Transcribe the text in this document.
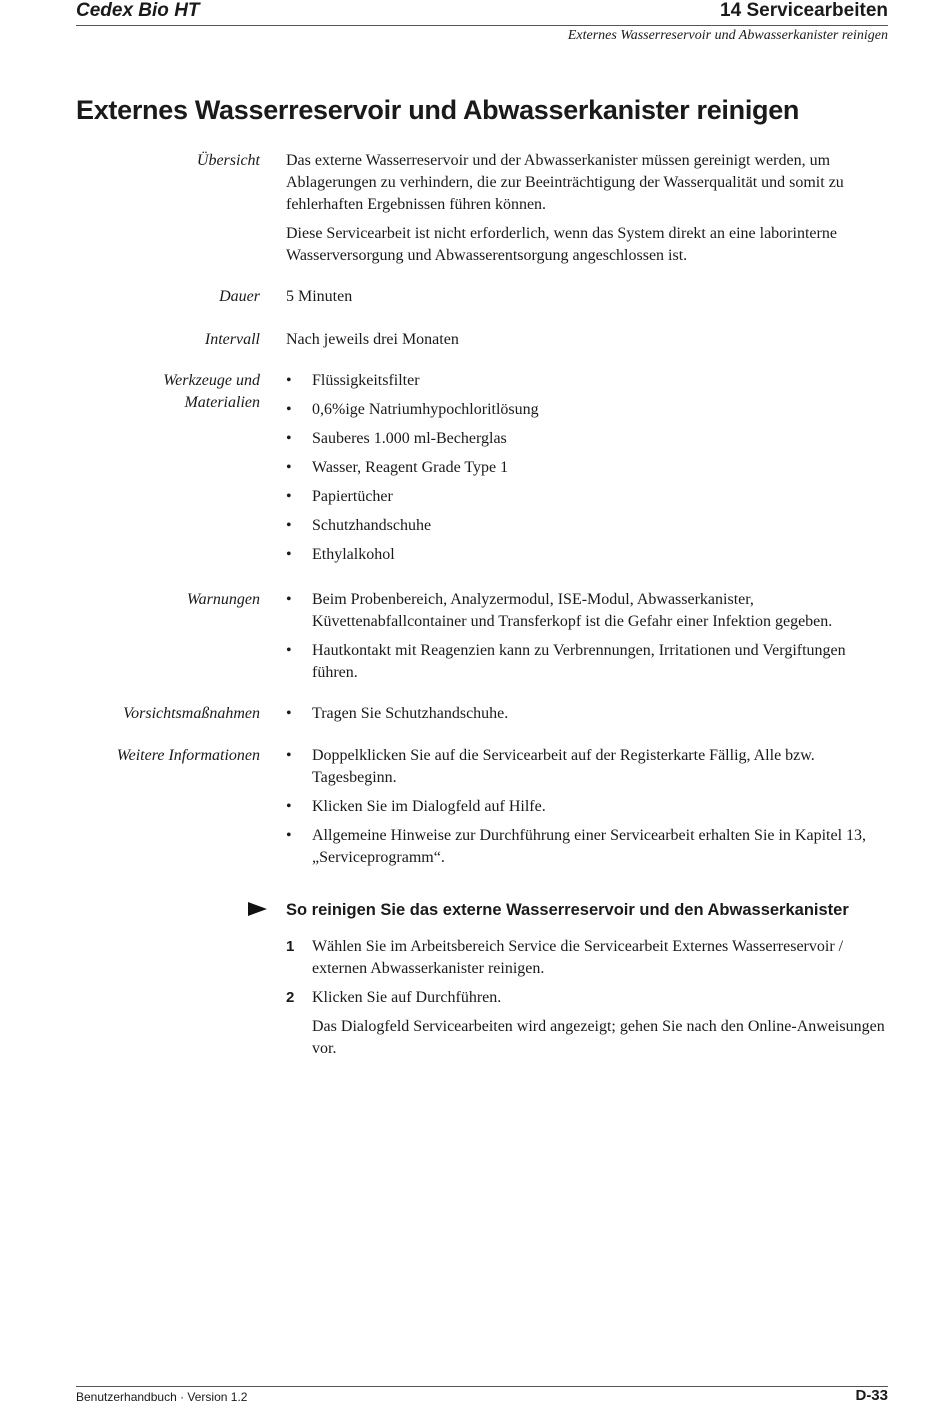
Cedex Bio HT	14 Servicearbeiten
Externes Wasserreservoir und Abwasserkanister reinigen
Externes Wasserreservoir und Abwasserkanister reinigen
Übersicht Das externe Wasserreservoir und der Abwasserkanister müssen gereinigt werden, um Ablagerungen zu verhindern, die zur Beeinträchtigung der Wasserqualität und somit zu fehlerhaften Ergebnissen führen können.

Diese Servicearbeit ist nicht erforderlich, wenn das System direkt an eine laborinterne Wasserversorgung und Abwasserentsorgung angeschlossen ist.

Dauer 5 Minuten
Intervall Nach jeweils drei Monaten
Werkzeuge und
Materialien
• Flüssigkeitsfilter
• 0,6%ige Natriumhypochloritlösung
• Sauberes 1.000 ml-Becherglas
• Wasser, Reagent Grade Type 1
• Papiertücher
• Schutzhandschuhe
• Ethylalkohol
Warnungen	• Beim Probenbereich, Analyzermodul, ISE-Modul, Abwasserkanister, Küvettenabfallcontainer und Transferkopf ist die Gefahr einer Infektion gegeben.
• Hautkontakt mit Reagenzien kann zu Verbrennungen, Irritationen und Vergiftungen führen.
Vorsichtsmaßnahmen	• Tragen Sie Schutzhandschuhe.
Weitere Informationen	• Doppelklicken Sie auf die Servicearbeit auf der Registerkarte Fällig, Alle bzw. Tagesbeginn.
• Klicken Sie im Dialogfeld auf Hilfe.
• Allgemeine Hinweise zur Durchführung einer Servicearbeit erhalten Sie in Kapitel 13, „Serviceprogramm“.
So reinigen Sie das externe Wasserreservoir und den Abwasserkanister
1 Wählen Sie im Arbeitsbereich Service die Servicearbeit Externes Wasserreservoir / externen Abwasserkanister reinigen.
2 Klicken Sie auf Durchführen.
Das Dialogfeld Servicearbeiten wird angezeigt; gehen Sie nach den Online-Anweisungen vor.
Benutzerhandbuch · Version 1.2	D-33
